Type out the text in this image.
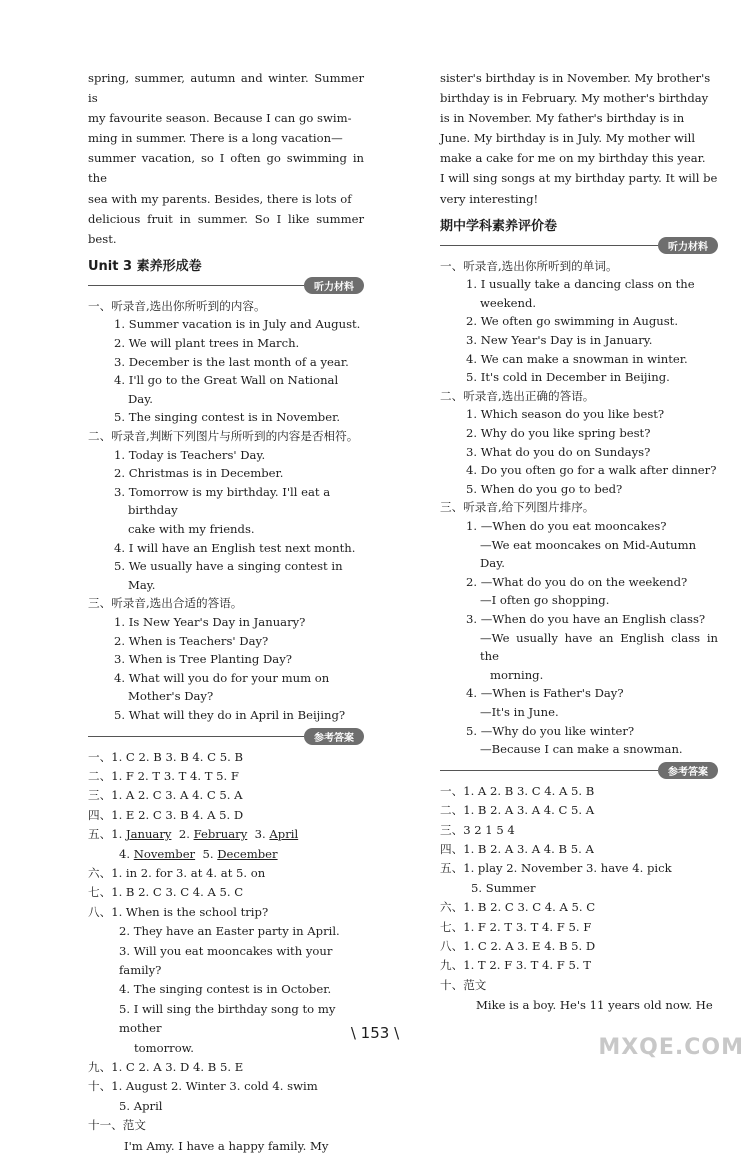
spring, summer, autumn and winter. Summer is
my favourite season. Because I can go swim-
ming in summer. There is a long vacation—
summer vacation, so I often go swimming in the
sea with my parents. Besides, there is lots of
delicious fruit in summer. So I like summer best.

Unit 3 素养形成卷
听力材料
一、听录音,选出你所听到的内容。
1. Summer vacation is in July and August.
2. We will plant trees in March.
3. December is the last month of a year.
4. I'll go to the Great Wall on National Day.
5. The singing contest is in November.
二、听录音,判断下列图片与所听到的内容是否相符。
1. Today is Teachers' Day.
2. Christmas is in December.
3. Tomorrow is my birthday. I'll eat a birthday
cake with my friends.
4. I will have an English test next month.
5. We usually have a singing contest in May.
三、听录音,选出合适的答语。
1. Is New Year's Day in January?
2. When is Teachers' Day?
3. When is Tree Planting Day?
4. What will you do for your mum on
Mother's Day?
5. What will they do in April in Beijing?
参考答案
一、1. C 2. B 3. B 4. C 5. B
二、1. F 2. T 3. T 4. T 5. F
三、1. A 2. C 3. A 4. C 5. A
四、1. E 2. C 3. B 4. A 5. D
五、1. January 2. February 3. April
4. November 5. December
六、1. in 2. for 3. at 4. at 5. on
七、1. B 2. C 3. C 4. A 5. C
八、1. When is the school trip?
2. They have an Easter party in April.
3. Will you eat mooncakes with your family?
4. The singing contest is in October.
5. I will sing the birthday song to my mother
tomorrow.
九、1. C 2. A 3. D 4. B 5. E
十、1. August 2. Winter 3. cold 4. swim
5. April
十一、范文

I'm Amy. I have a happy family. My

sister's birthday is in November. My brother's
birthday is in February. My mother's birthday
is in November. My father's birthday is in
June. My birthday is in July. My mother will
make a cake for me on my birthday this year.
I will sing songs at my birthday party. It will be
very interesting!

期中学科素养评价卷
听力材料
一、听录音,选出你所听到的单词。
1. I usually take a dancing class on the
weekend.
2. We often go swimming in August.
3. New Year's Day is in January.
4. We can make a snowman in winter.
5. It's cold in December in Beijing.
二、听录音,选出正确的答语。
1. Which season do you like best?
2. Why do you like spring best?
3. What do you do on Sundays?
4. Do you often go for a walk after dinner?
5. When do you go to bed?
三、听录音,给下列图片排序。
1. —When do you eat mooncakes?
—We eat mooncakes on Mid-Autumn Day.
2. —What do you do on the weekend?
—I often go shopping.
3. —When do you have an English class?
—We usually have an English class in the
morning.
4. —When is Father's Day?
—It's in June.
5. —Why do you like winter?
—Because I can make a snowman.
参考答案
一、1. A 2. B 3. C 4. A 5. B
二、1. B 2. A 3. A 4. C 5. A
三、3 2 1 5 4
四、1. B 2. A 3. A 4. B 5. A
五、1. play 2. November 3. have 4. pick
5. Summer
六、1. B 2. C 3. C 4. A 5. C
七、1. F 2. T 3. T 4. F 5. F
八、1. C 2. A 3. E 4. B 5. D
九、1. T 2. F 3. T 4. F 5. T
十、范文

Mike is a boy. He's 11 years old now. He

\ 153 \
MXQE.COM
